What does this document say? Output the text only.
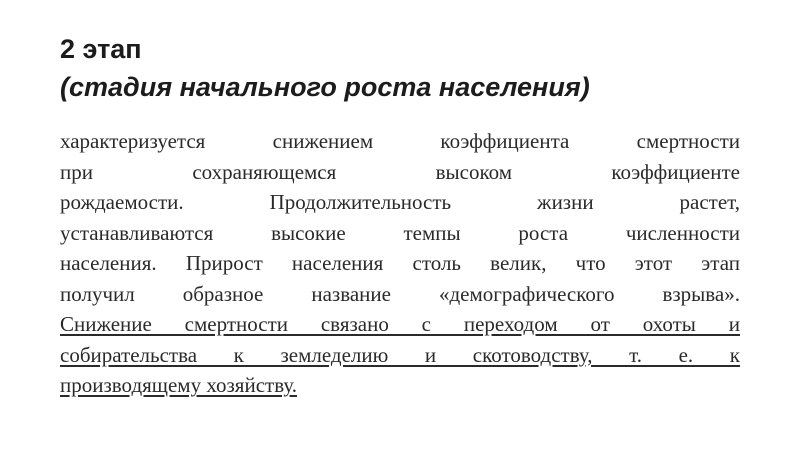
2 этап
(стадия начального роста населения)
характеризуется снижением коэффициента смертности
при сохраняющемся высоком коэффициенте
рождаемости. Продолжительность жизни растет,
устанавливаются высокие темпы роста численности
населения. Прирост населения столь велик, что этот этап
получил образное название «демографического взрыва».
Снижение смертности связано с переходом от охоты и
собирательства к земледелию и скотоводству, т. е. к
производящему хозяйству.
